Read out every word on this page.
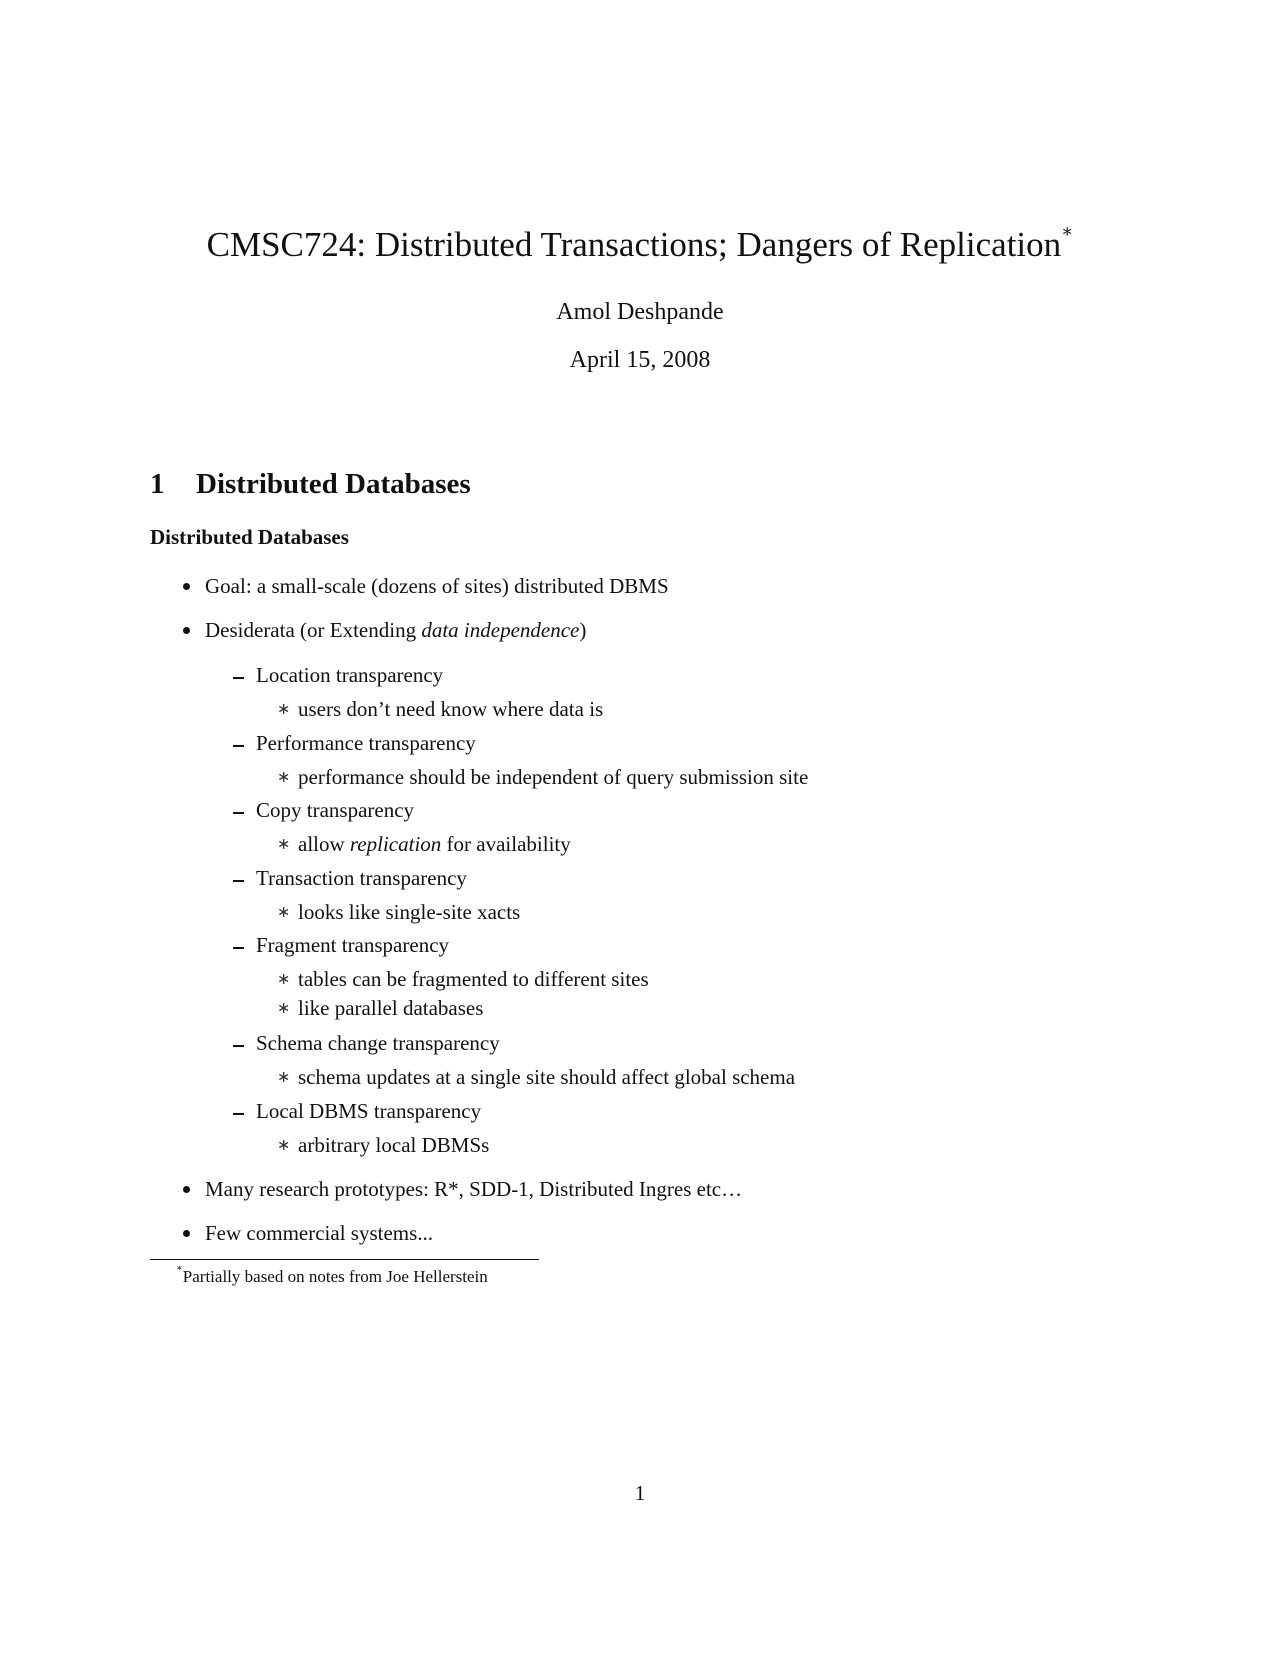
CMSC724: Distributed Transactions; Dangers of Replication∗
Amol Deshpande
April 15, 2008
1 Distributed Databases
Distributed Databases
Goal: a small-scale (dozens of sites) distributed DBMS
Desiderata (or Extending data independence)
Location transparency
∗ users don’t need know where data is
Performance transparency
∗ performance should be independent of query submission site
Copy transparency
∗ allow replication for availability
Transaction transparency
∗ looks like single-site xacts
Fragment transparency
∗ tables can be fragmented to different sites
∗ like parallel databases
Schema change transparency
∗ schema updates at a single site should affect global schema
Local DBMS transparency
∗ arbitrary local DBMSs
Many research prototypes: R*, SDD-1, Distributed Ingres etc…
Few commercial systems...
∗Partially based on notes from Joe Hellerstein
1
